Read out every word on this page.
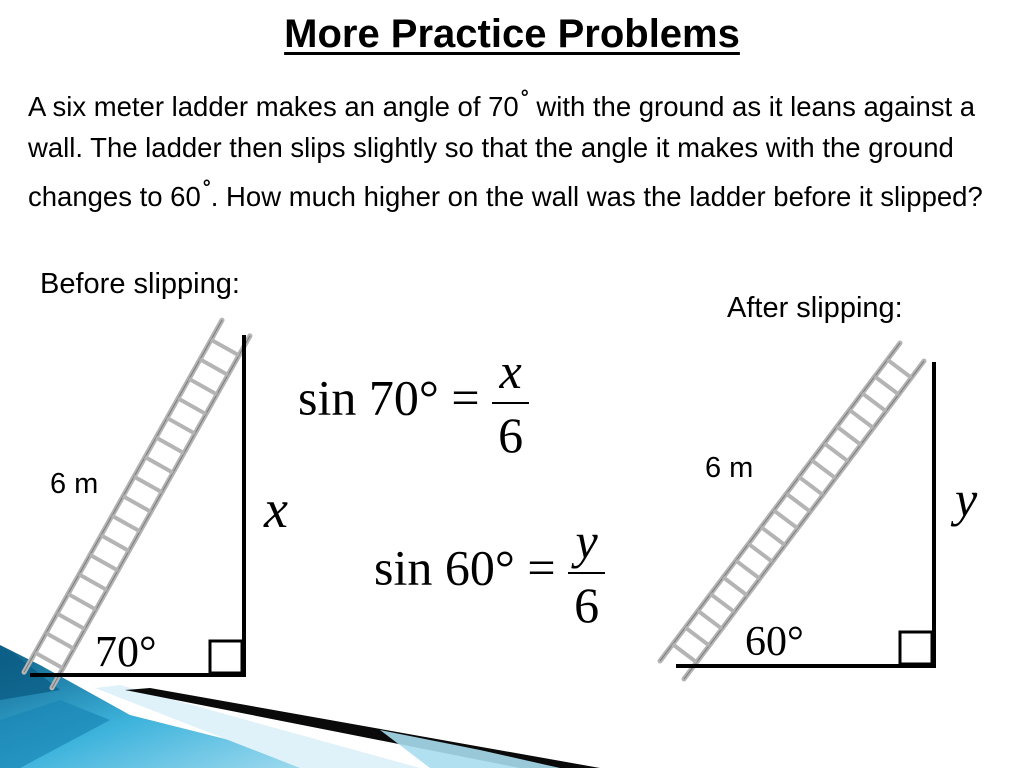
More Practice Problems
A six meter ladder makes an angle of 70 ° with the ground as it leans against a wall. The ladder then slips slightly so that the angle it makes with the ground changes to 60 °. How much higher on the wall was the ladder before it slipped?
Before slipping:
After slipping:
6 m	6 m
x	y
70°	60°
$\sin 70^\circ = \frac{x}{6}$
$\sin 60^\circ = \frac{y}{6}$
